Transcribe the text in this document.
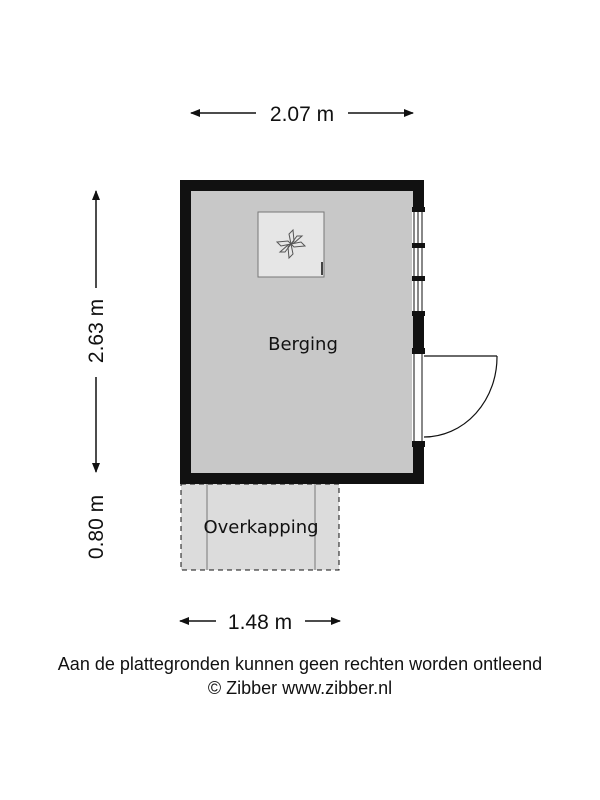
2.07 m
2.63 m
0.80 m
Berging
Overkapping
1.48 m
Aan de plattegronden kunnen geen rechten worden ontleend
© Zibber www.zibber.nl
